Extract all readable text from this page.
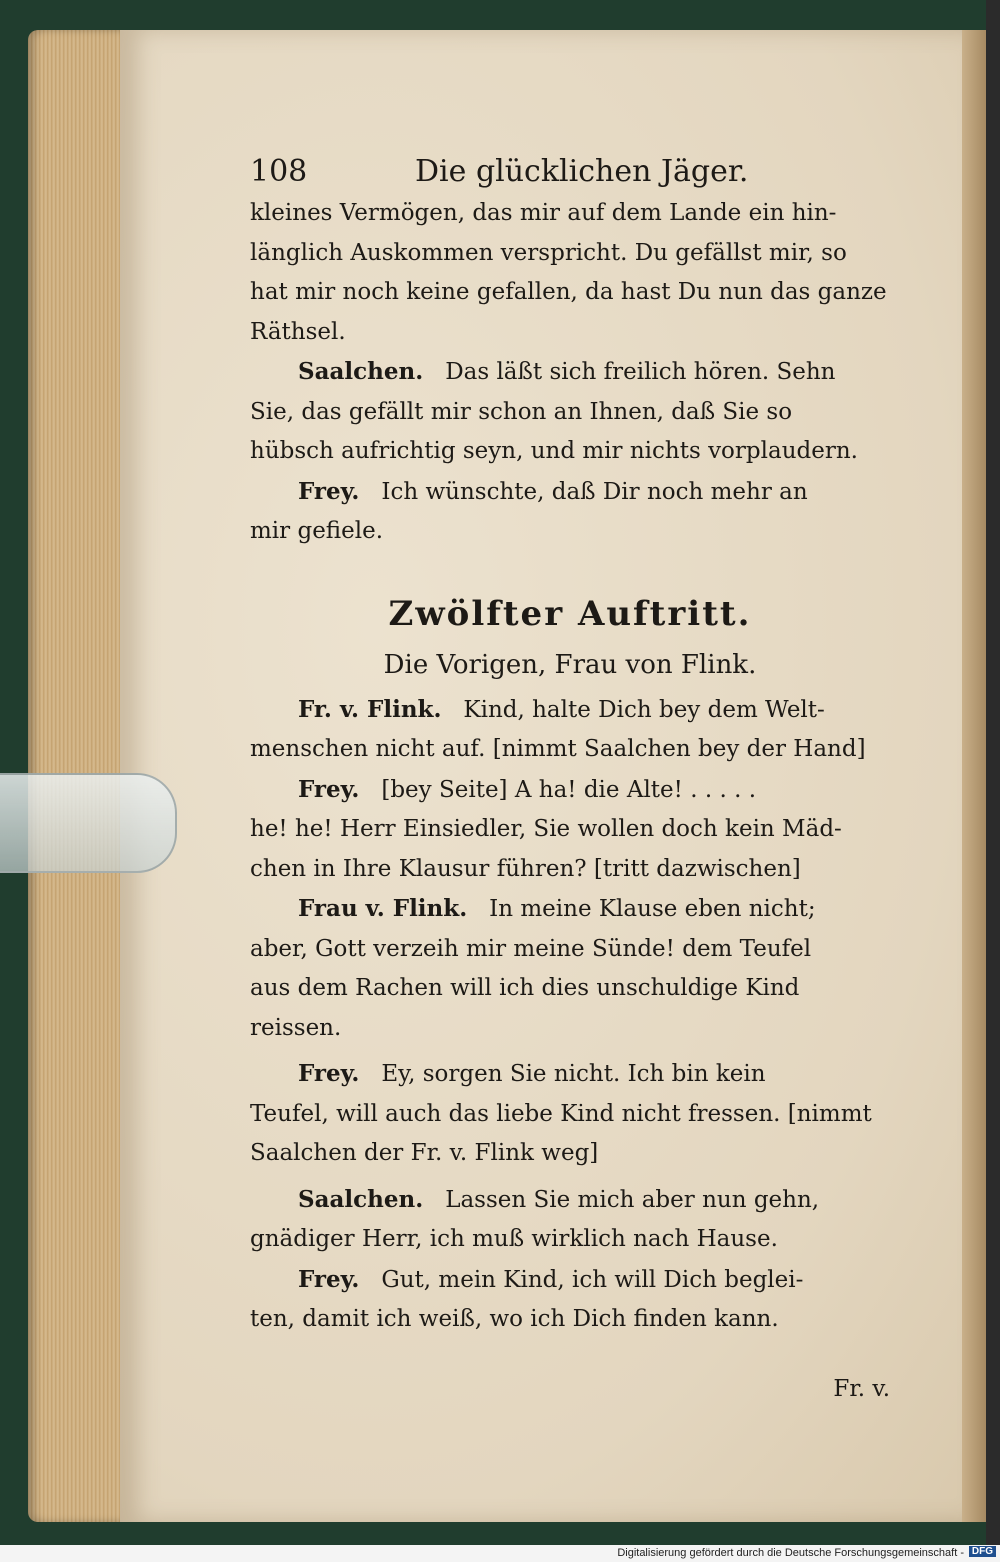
108	Die glücklichen Jäger.
kleines Vermögen, das mir auf dem Lande ein hin-
länglich Auskommen verspricht. Du gefällst mir, so
hat mir noch keine gefallen, da hast Du nun das ganze
Räthsel.
Saalchen. Das läßt sich freilich hören. Sehn
Sie, das gefällt mir schon an Ihnen, daß Sie so
hübsch aufrichtig seyn, und mir nichts vorplaudern.
Frey. Ich wünschte, daß Dir noch mehr an
mir gefiele.
Zwölfter Auftritt.
Die Vorigen, Frau von Flink.
Fr. v. Flink. Kind, halte Dich bey dem Welt-
menschen nicht auf. [nimmt Saalchen bey der Hand]
Frey. [bey Seite] A ha! die Alte! . . . . .
he! he! Herr Einsiedler, Sie wollen doch kein Mäd-
chen in Ihre Klausur führen? [tritt dazwischen]
Frau v. Flink. In meine Klause eben nicht;
aber, Gott verzeih mir meine Sünde! dem Teufel
aus dem Rachen will ich dies unschuldige Kind
reissen.
Frey. Ey, sorgen Sie nicht. Ich bin kein
Teufel, will auch das liebe Kind nicht fressen. [nimmt
Saalchen der Fr. v. Flink weg]
Saalchen. Lassen Sie mich aber nun gehn,
gnädiger Herr, ich muß wirklich nach Hause.
Frey. Gut, mein Kind, ich will Dich beglei-
ten, damit ich weiß, wo ich Dich finden kann.
Fr. v.
Digitalisierung gefördert durch die Deutsche Forschungsgemeinschaft - DFG
